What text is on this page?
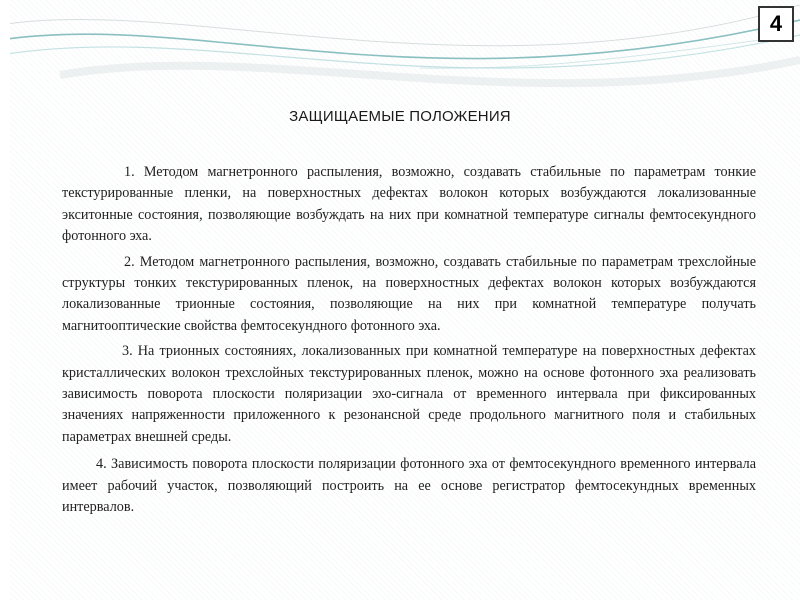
4
ЗАЩИЩАЕМЫЕ ПОЛОЖЕНИЯ

1. Методом магнетронного распыления, возможно, создавать стабильные по параметрам тонкие текстурированные пленки, на поверхностных дефектах волокон которых возбуждаются локализованные экситонные состояния, позволяющие возбуждать на них при комнатной температуре сигналы фемтосекундного фотонного эха.

2. Методом магнетронного распыления, возможно, создавать стабильные по параметрам трехслойные структуры тонких текстурированных пленок, на поверхностных дефектах волокон которых возбуждаются локализованные трионные состояния, позволяющие на них при комнатной температуре получать магнитооптические свойства фемтосекундного фотонного эха.

3. На трионных состояниях, локализованных при комнатной температуре на поверхностных дефектах кристаллических волокон трехслойных текстурированных пленок, можно на основе фотонного эха реализовать зависимость поворота плоскости поляризации эхо-сигнала от временного интервала при фиксированных значениях напряженности приложенного к резонансной среде продольного магнитного поля и стабильных параметрах внешней среды.

4. Зависимость поворота плоскости поляризации фотонного эха от фемтосекундного временного интервала имеет рабочий участок, позволяющий построить на ее основе регистратор фемтосекундных временных интервалов.
